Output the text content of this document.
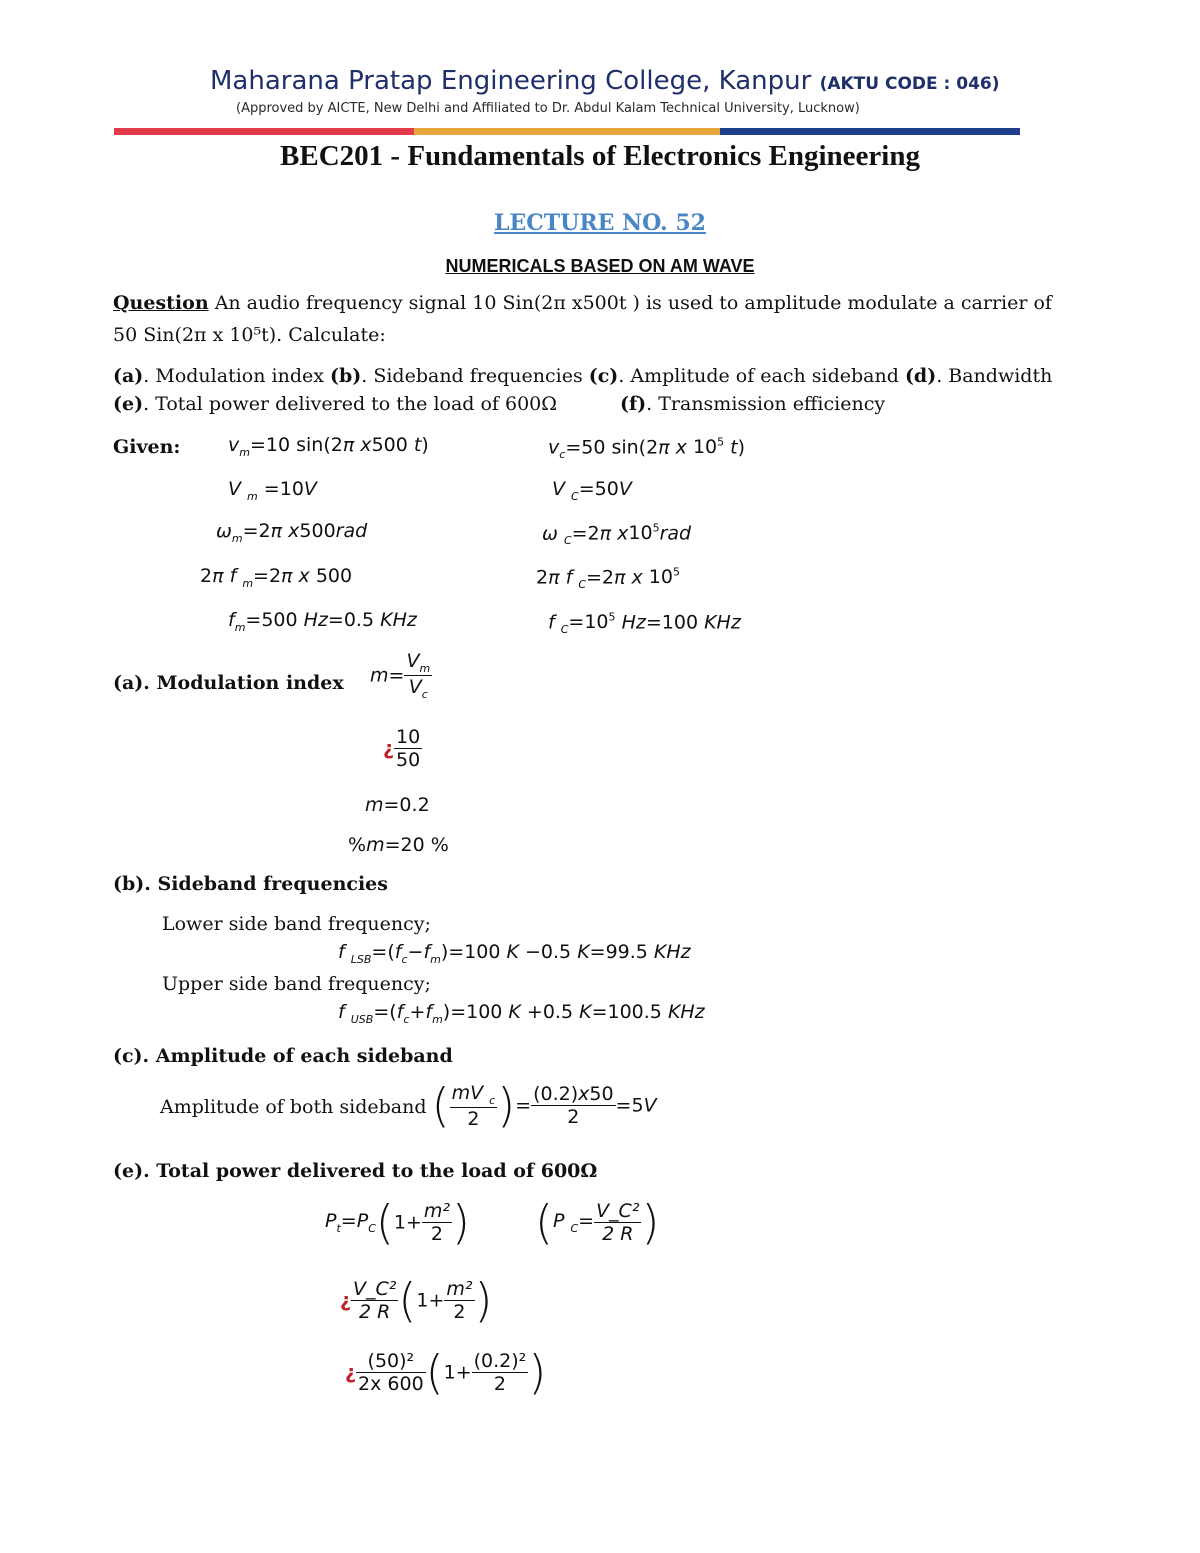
Maharana Pratap Engineering College, Kanpur (AKTU CODE : 046)
(Approved by AICTE, New Delhi and Affiliated to Dr. Abdul Kalam Technical University, Lucknow)
BEC201 - Fundamentals of Electronics Engineering
LECTURE NO. 52
NUMERICALS BASED ON AM WAVE
Question An audio frequency signal 10 Sin(2π x500t ) is used to amplitude modulate a carrier of
50 Sin(2π x 10⁵t). Calculate:
(a). Modulation index (b). Sideband frequencies (c). Amplitude of each sideband (d). Bandwidth
(e). Total power delivered to the load of 600Ω	(f). Transmission efficiency
Given:	$v_m=10$ sin(2π x500 t)
V $_m$ =10V
$\omega_m=2\pi$ x500rad
2π f $_m$=2π x 500
$f_m=500$ Hz=0.5 KHz
$v_c=50$ sin(2π x $10^5$ t)
V $_C$=50V
ω $_C$=2π $x10^5rad$
2π f $_C$=2π x $10^5$
f $_C=10^5$ Hz=100 KHz
(a). Modulation index $m= \frac{V_m}{V_c}$
¿ $\frac{10}{50}$
m=0.2
%m=20 %
(b). Sideband frequencies
Lower side band frequency;
f $_{LSB}=(f_c-f_m)=100$ K −0.5 K=99.5 KHz
Upper side band frequency;
f $_{USB}=(f_c+f_m)=100$ K +0.5 K=100.5 KHz
(c). Amplitude of each sideband
Amplitude of both sideband ( $\frac{mV _c}{2}$ )= $\frac{(0.2)x50}{2} =5V$
(e). Total power delivered to the load of 600Ω
$P_t=P_C(1+ \frac{\text{m²}}{2}$ ) (P $_C= \frac{\text{V\_C²}}{2 R}$ )
¿ $\frac{\text{V\_C²}}{2 R} (1+ \frac{\text{m²}}{2}$ )
¿ $\frac{\text{(50)²}}{2x 600} (1+ \frac{\text{(0.2)²}}{2}$ )
